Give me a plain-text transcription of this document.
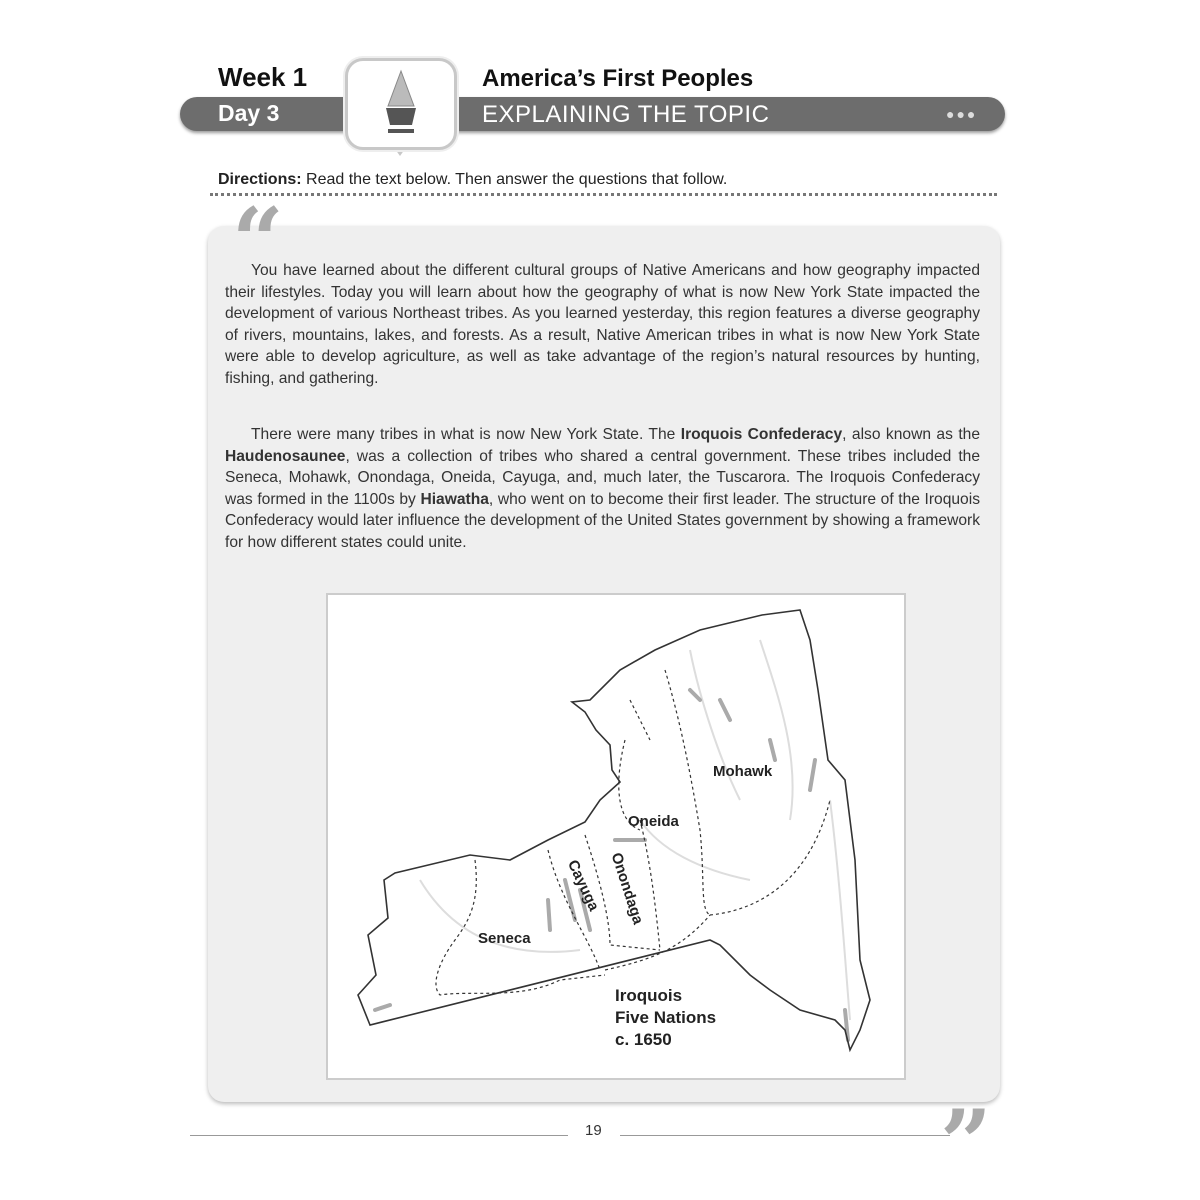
Week 1	America’s First Peoples
Day 3	EXPLAINING THE TOPIC	●●●
Directions: Read the text below. Then answer the questions that follow.
“

You have learned about the different cultural groups of Native Americans and how geography impacted their lifestyles. Today you will learn about how the geography of what is now New York State impacted the development of various Northeast tribes. As you learned yesterday, this region features a diverse geography of rivers, mountains, lakes, and forests. As a result, Native American tribes in what is now New York State were able to develop agriculture, as well as take advantage of the region’s natural resources by hunting, fishing, and gathering.

There were many tribes in what is now New York State. The Iroquois Confederacy, also known as the Haudenosaunee, was a collection of tribes who shared a central government. These tribes included the Seneca, Mohawk, Onondaga, Oneida, Cayuga, and, much later, the Tuscarora. The Iroquois Confederacy was formed in the 1100s by Hiawatha, who went on to become their first leader. The structure of the Iroquois Confederacy would later influence the development of the United States government by showing a framework for how different states could unite.

Mohawk
Oneida
Onondaga
Cayuga
Seneca
Iroquois
Five Nations
c. 1650
19	”
